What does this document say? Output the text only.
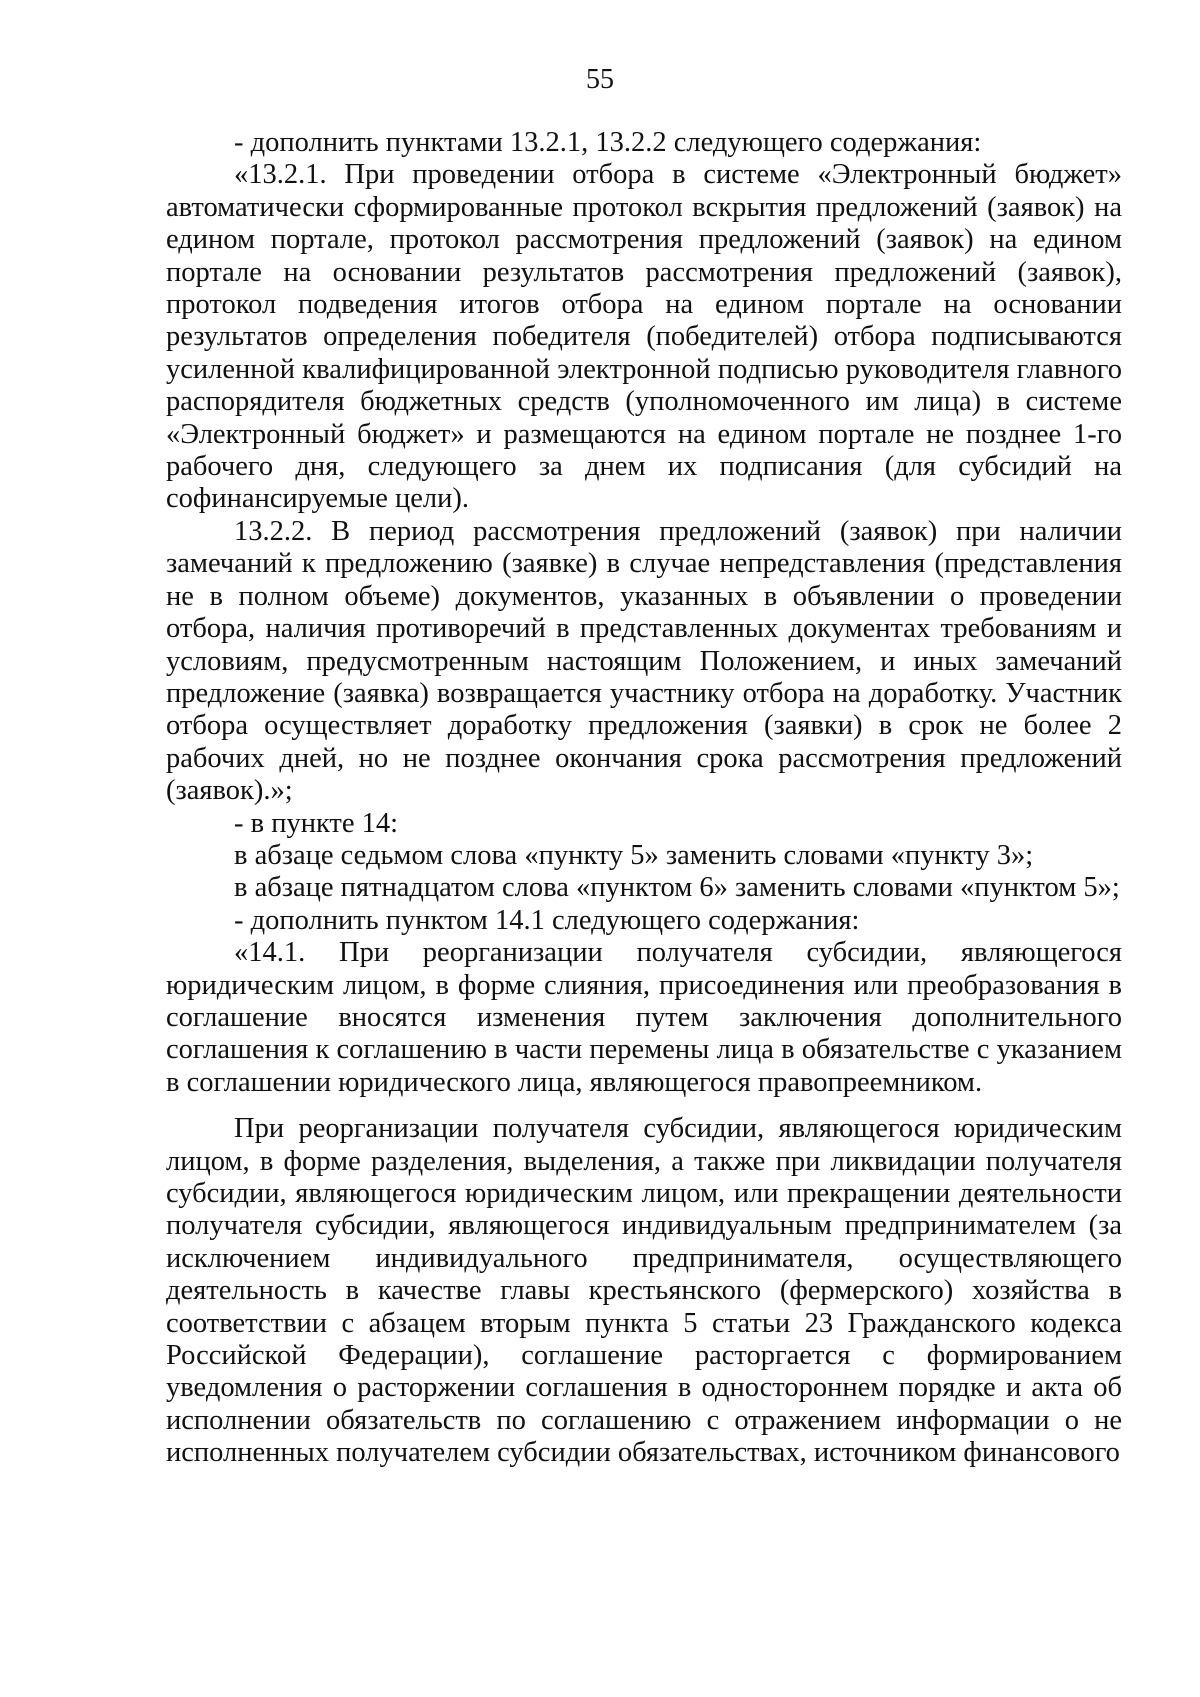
55

- дополнить пунктами 13.2.1, 13.2.2 следующего содержания:

«13.2.1. При проведении отбора в системе «Электронный бюджет» автоматически сформированные протокол вскрытия предложений (заявок) на едином портале, протокол рассмотрения предложений (заявок) на едином портале на основании результатов рассмотрения предложений (заявок), протокол подведения итогов отбора на едином портале на основании результатов определения победителя (победителей) отбора подписываются усиленной квалифицированной электронной подписью руководителя главного распорядителя бюджетных средств (уполномоченного им лица) в системе «Электронный бюджет» и размещаются на едином портале не позднее 1-го рабочего дня, следующего за днем их подписания (для субсидий на софинансируемые цели).

13.2.2. В период рассмотрения предложений (заявок) при наличии замечаний к предложению (заявке) в случае непредставления (представления не в полном объеме) документов, указанных в объявлении о проведении отбора, наличия противоречий в представленных документах требованиям и условиям, предусмотренным настоящим Положением, и иных замечаний предложение (заявка) возвращается участнику отбора на доработку. Участник отбора осуществляет доработку предложения (заявки) в срок не более 2 рабочих дней, но не позднее окончания срока рассмотрения предложений (заявок).»;

- в пункте 14:

в абзаце седьмом слова «пункту 5» заменить словами «пункту 3»;

в абзаце пятнадцатом слова «пунктом 6» заменить словами «пунктом 5»;

- дополнить пунктом 14.1 следующего содержания:

«14.1. При реорганизации получателя субсидии, являющегося юридическим лицом, в форме слияния, присоединения или преобразования в соглашение вносятся изменения путем заключения дополнительного соглашения к соглашению в части перемены лица в обязательстве с указанием в соглашении юридического лица, являющегося правопреемником.

При реорганизации получателя субсидии, являющегося юридическим лицом, в форме разделения, выделения, а также при ликвидации получателя субсидии, являющегося юридическим лицом, или прекращении деятельности получателя субсидии, являющегося индивидуальным предпринимателем (за исключением индивидуального предпринимателя, осуществляющего деятельность в качестве главы крестьянского (фермерского) хозяйства в соответствии с абзацем вторым пункта 5 статьи 23 Гражданского кодекса Российской Федерации), соглашение расторгается с формированием уведомления о расторжении соглашения в одностороннем порядке и акта об исполнении обязательств по соглашению с отражением информации о не исполненных получателем субсидии обязательствах, источником финансового
